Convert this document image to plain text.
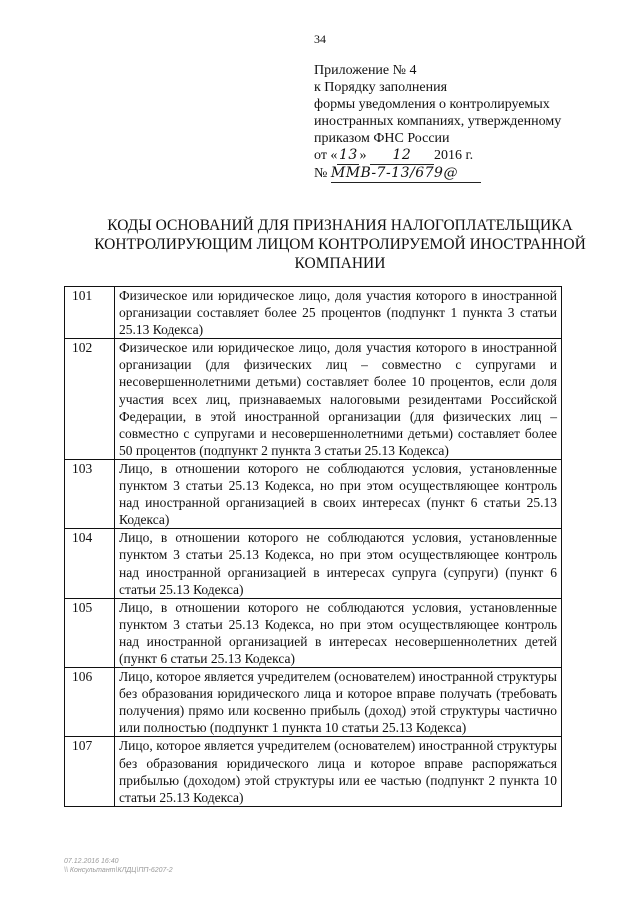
34
Приложение № 4
к Порядку заполнения
формы уведомления о контролируемых
иностранных компаниях, утвержденному
приказом ФНС России
от « 13 » 12 2016 г.
№ ММВ-7-13/679@
КОДЫ ОСНОВАНИЙ ДЛЯ ПРИЗНАНИЯ НАЛОГОПЛАТЕЛЬЩИКА КОНТРОЛИРУЮЩИМ ЛИЦОМ КОНТРОЛИРУЕМОЙ ИНОСТРАННОЙ КОМПАНИИ
101	Физическое или юридическое лицо, доля участия которого в иностранной организации составляет более 25 процентов (подпункт 1 пункта 3 статьи 25.13 Кодекса)
102	Физическое или юридическое лицо, доля участия которого в иностранной организации (для физических лиц – совместно с супругами и несовершеннолетними детьми) составляет более 10 процентов, если доля участия всех лиц, признаваемых налоговыми резидентами Российской Федерации, в этой иностранной организации (для физических лиц – совместно с супругами и несовершеннолетними детьми) составляет более 50 процентов (подпункт 2 пункта 3 статьи 25.13 Кодекса)
103	Лицо, в отношении которого не соблюдаются условия, установленные пунктом 3 статьи 25.13 Кодекса, но при этом осуществляющее контроль над иностранной организацией в своих интересах (пункт 6 статьи 25.13 Кодекса)
104	Лицо, в отношении которого не соблюдаются условия, установленные пунктом 3 статьи 25.13 Кодекса, но при этом осуществляющее контроль над иностранной организацией в интересах супруга (супруги) (пункт 6 статьи 25.13 Кодекса)
105	Лицо, в отношении которого не соблюдаются условия, установленные пунктом 3 статьи 25.13 Кодекса, но при этом осуществляющее контроль над иностранной организацией в интересах несовершеннолетних детей (пункт 6 статьи 25.13 Кодекса)
106	Лицо, которое является учредителем (основателем) иностранной структуры без образования юридического лица и которое вправе получать (требовать получения) прямо или косвенно прибыль (доход) этой структуры частично или полностью (подпункт 1 пункта 10 статьи 25.13 Кодекса)
107	Лицо, которое является учредителем (основателем) иностранной структуры без образования юридического лица и которое вправе распоряжаться прибылью (доходом) этой структуры или ее частью (подпункт 2 пункта 10 статьи 25.13 Кодекса)
07.12.2016 16:40
\\ Консультант\КЛДЦ\ПП-6207-2
